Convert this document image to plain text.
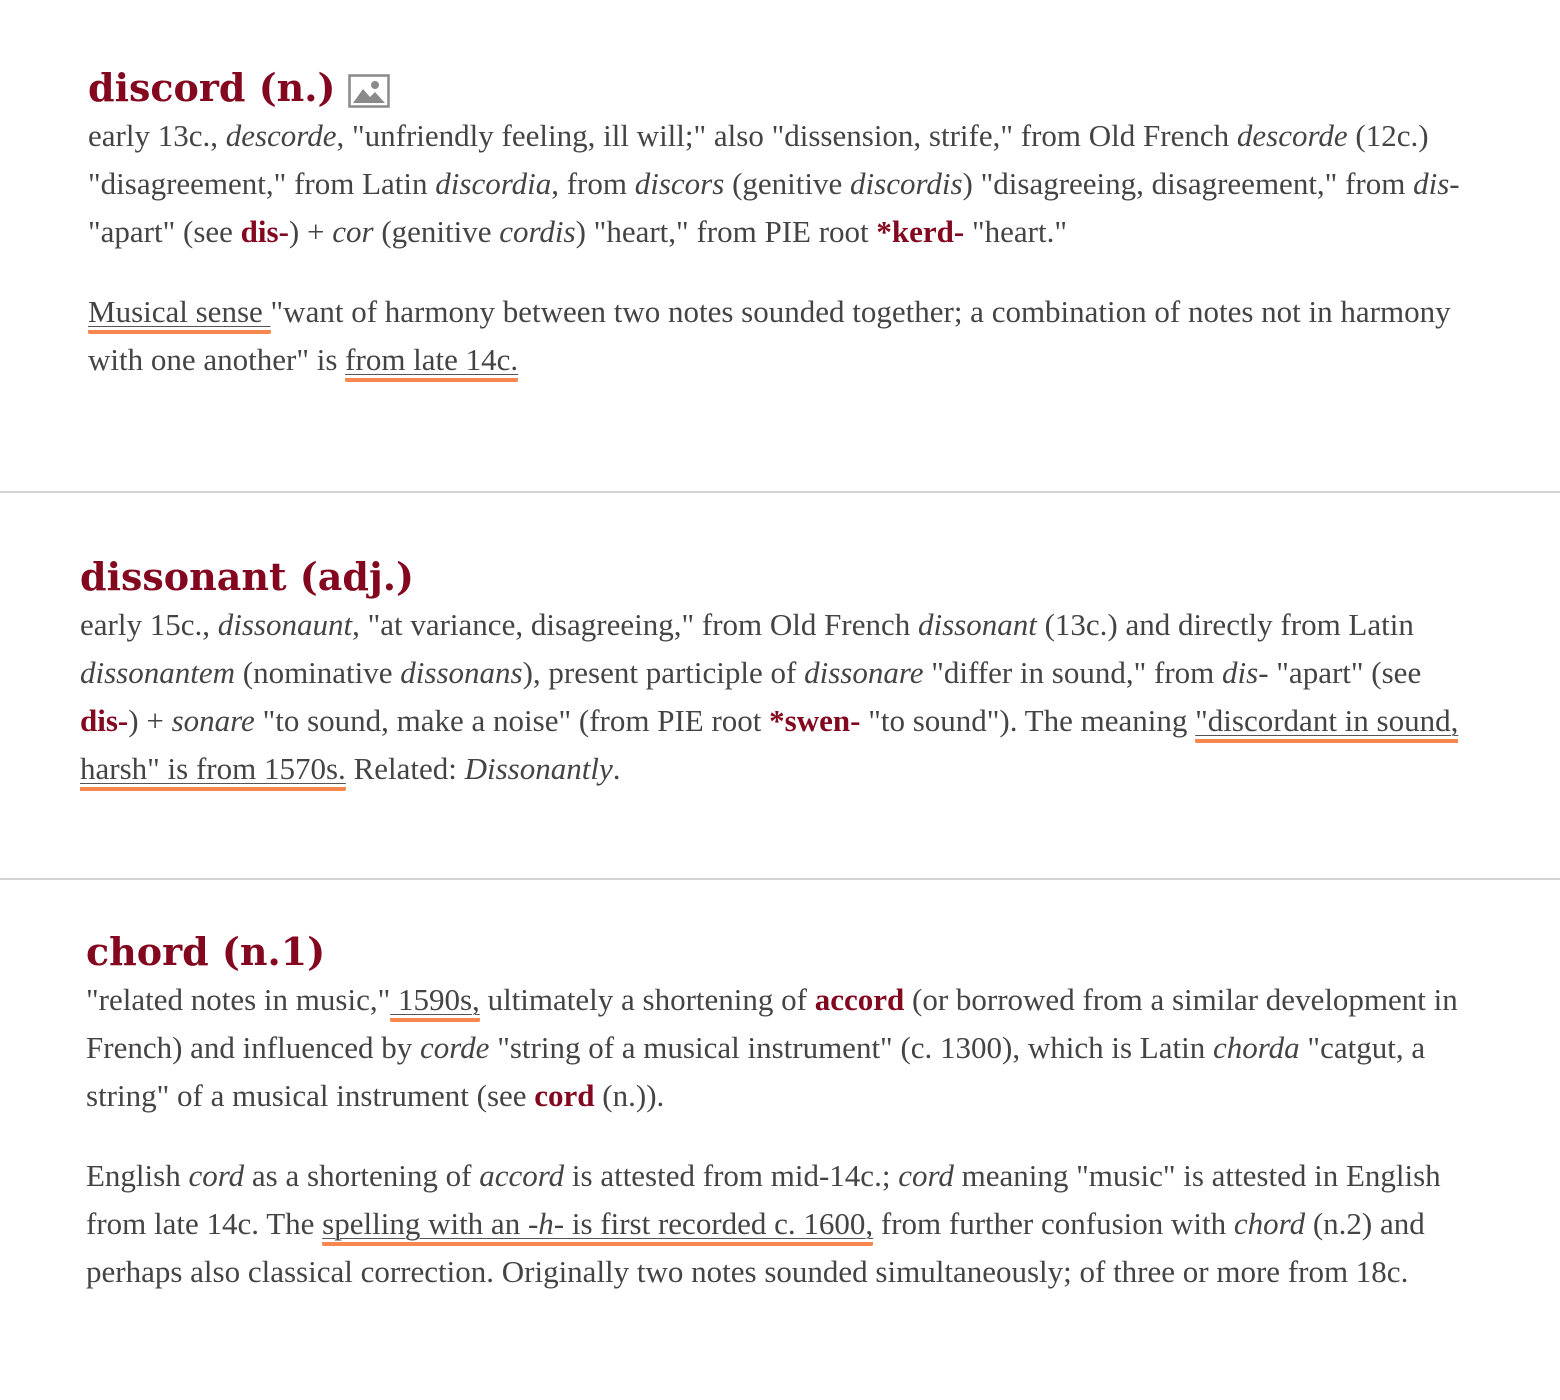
discord (n.)

early 13c., descorde, "unfriendly feeling, ill will;" also "dissension, strife," from Old French descorde (12c.) "disagreement," from Latin discordia, from discors (genitive discordis) "disagreeing, disagreement," from dis- "apart" (see dis-) + cor (genitive cordis) "heart," from PIE root *kerd- "heart."

Musical sense "want of harmony between two notes sounded together; a combination of notes not in harmony with one another" is from late 14c.

dissonant (adj.)

early 15c., dissonaunt, "at variance, disagreeing," from Old French dissonant (13c.) and directly from Latin dissonantem (nominative dissonans), present participle of dissonare "differ in sound," from dis- "apart" (see dis-) + sonare "to sound, make a noise" (from PIE root *swen- "to sound"). The meaning "discordant in sound, harsh" is from 1570s. Related: Dissonantly.

chord (n.1)

"related notes in music," 1590s, ultimately a shortening of accord (or borrowed from a similar development in French) and influenced by corde "string of a musical instrument" (c. 1300), which is Latin chorda "catgut, a string" of a musical instrument (see cord (n.)).

English cord as a shortening of accord is attested from mid-14c.; cord meaning "music" is attested in English from late 14c. The spelling with an -h- is first recorded c. 1600, from further confusion with chord (n.2) and perhaps also classical correction. Originally two notes sounded simultaneously; of three or more from 18c.
